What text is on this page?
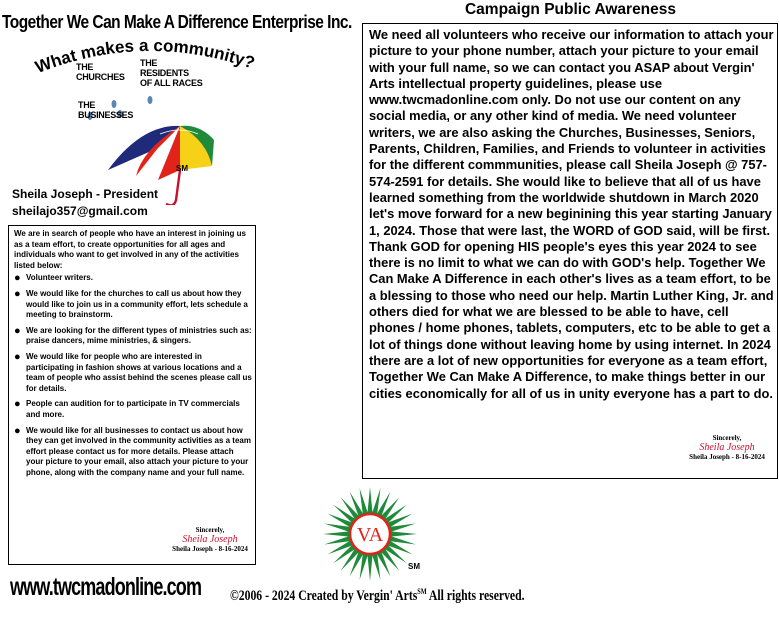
Together We Can Make A Difference Enterprise Inc.
What makes a community?
THE
CHURCHES
THE
RESIDENTS
OF ALL RACES
THE
BUSINESSES
SM
Sheila Joseph - President
sheilajo357@gmail.com
We are in search of people who have an interest in joining us as a team effort, to create opportunities for all ages and individuals who want to get involved in any of the activities listed below:
● Volunteer writers.
● We would like for the churches to call us about how they would like to join us in a community effort, lets schedule a meeting to brainstorm.
● We are looking for the different types of ministries such as: praise dancers, mime ministries, & singers.
● We would like for people who are interested in participating in fashion shows at various locations and a team of people who assist behind the scenes please call us for details.
● People can audition for to participate in TV commercials and more.
● We would like for all businesses to contact us about how they can get involved in the community activities as a team effort please contact us for more details. Please attach your picture to your email, also attach your picture to your phone, along with the company name and your full name.
Sincerely,
Sheila Joseph
Sheila Joseph - 8-16-2024
www.twcmadonline.com
Campaign Public Awareness
We need all volunteers who receive our information to attach your picture to your phone number, attach your picture to your email with your full name, so we can contact you ASAP about Vergin' Arts intellectual property guidelines, please use www.twcmadonline.com only. Do not use our content on any social media, or any other kind of media. We need volunteer writers, we are also asking the Churches, Businesses, Seniors, Parents, Children, Families, and Friends to volunteer in activities for the different commmunities, please call Sheila Joseph @ 757-574-2591 for details. She would like to believe that all of us have learned something from the worldwide shutdown in March 2020 let's move forward for a new beginining this year starting January 1, 2024. Those that were last, the WORD of GOD said, will be first. Thank GOD for opening HIS people's eyes this year 2024 to see there is no limit to what we can do with GOD's help. Together We Can Make A Difference in each other's lives as a team effort, to be a blessing to those who need our help. Martin Luther King, Jr. and others died for what we are blessed to be able to have, cell phones / home phones, tablets, computers, etc to be able to get a lot of things done without leaving home by using internet. In 2024 there are a lot of new opportunities for everyone as a team effort, Together We Can Make A Difference, to make things better in our cities economically for all of us in unity everyone has a part to do.
Sincerely,
Sheila Joseph
Sheila Joseph - 8-16-2024
VA
SM
©2006 - 2024 Created by Vergin' Arts℠ All rights reserved.
